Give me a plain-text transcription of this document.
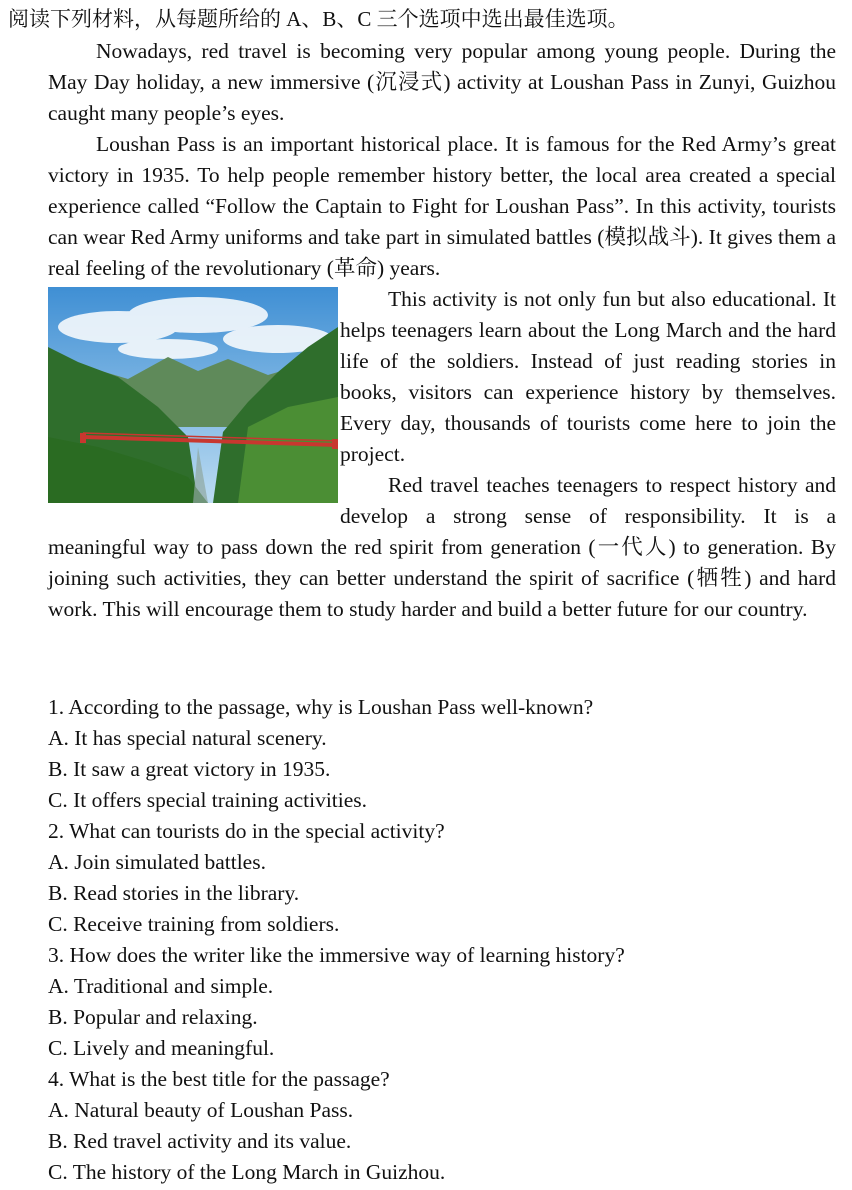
阅读下列材料，从每题所给的 A、B、C 三个选项中选出最佳选项。

Nowadays, red travel is becoming very popular among young people. During the May Day holiday, a new immersive (沉浸式) activity at Loushan Pass in Zunyi, Guizhou caught many people’s eyes.

Loushan Pass is an important historical place. It is famous for the Red Army’s great victory in 1935. To help people remember history better, the local area created a special experience called “Follow the Captain to Fight for Loushan Pass”. In this activity, tourists can wear Red Army uniforms and take part in simulated battles (模拟战斗). It gives them a real feeling of the revolutionary (革命) years.

This activity is not only fun but also educational. It helps teenagers learn about the Long March and the hard life of the soldiers. Instead of just reading stories in books, visitors can experience history by themselves. Every day, thousands of tourists come here to join the project.

Red travel teaches teenagers to respect history and develop a strong sense of responsibility. It is a meaningful way to pass down the red spirit from generation (一代人) to generation. By joining such activities, they can better understand the spirit of sacrifice (牺牲) and hard work. This will encourage them to study harder and build a better future for our country.

1. According to the passage, why is Loushan Pass well-known?

A. It has special natural scenery.

B. It saw a great victory in 1935.

C. It offers special training activities.

2. What can tourists do in the special activity?

A. Join simulated battles.

B. Read stories in the library.

C. Receive training from soldiers.

3. How does the writer like the immersive way of learning history?

A. Traditional and simple.

B. Popular and relaxing.

C. Lively and meaningful.

4. What is the best title for the passage?

A. Natural beauty of Loushan Pass.

B. Red travel activity and its value.

C. The history of the Long March in Guizhou.
